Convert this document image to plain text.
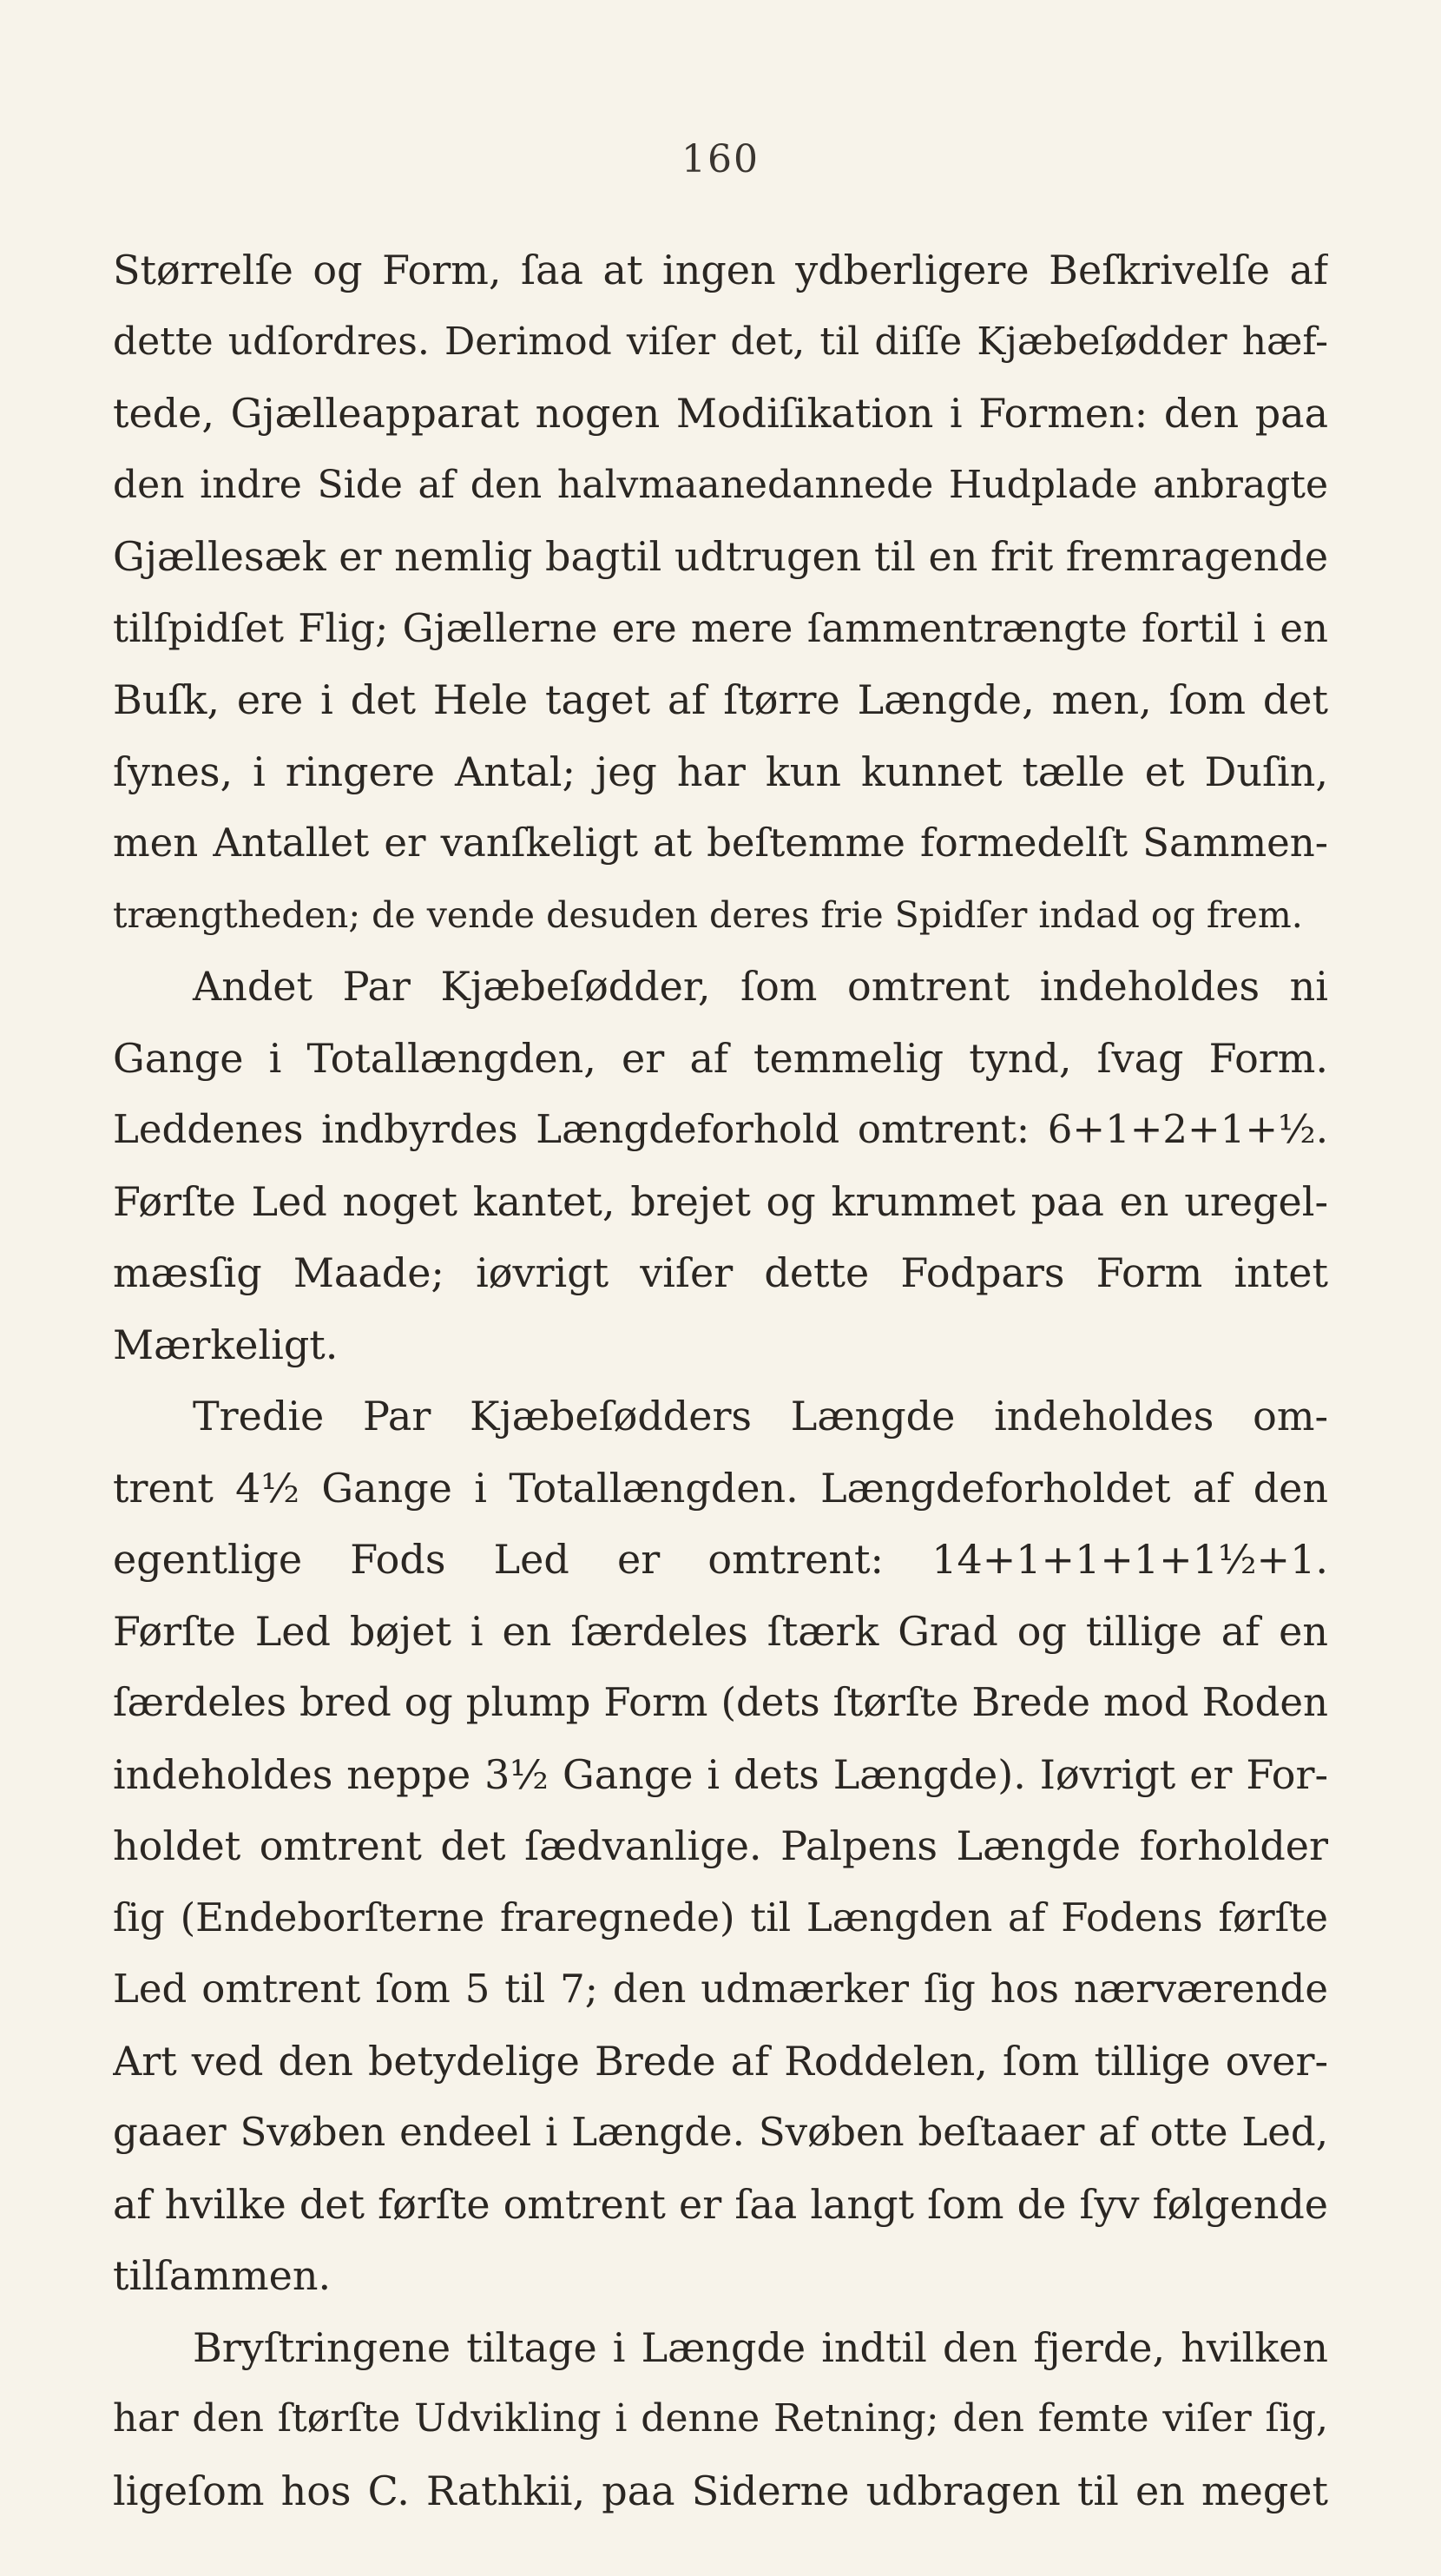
160
Størrelſe og Form, ſaa at ingen ydberligere Beſkrivelſe af
dette udſordres. Derimod viſer det, til diſſe Kjæbeſødder hæf-
tede, Gjælleapparat nogen Modiſikation i Formen: den paa
den indre Side af den halvmaanedannede Hudplade anbragte
Gjællesæk er nemlig bagtil udtrugen til en frit fremragende
tilſpidſet Flig; Gjællerne ere mere ſammentrængte fortil i en
Buſk, ere i det Hele taget af ſtørre Længde, men, ſom det
ſynes, i ringere Antal; jeg har kun kunnet tælle et Duſin,
men Antallet er vanſkeligt at beſtemme formedelſt Sammen-
trængtheden; de vende desuden deres frie Spidſer indad og frem.
Andet Par Kjæbeſødder, ſom omtrent indeholdes ni
Gange i Totallængden, er af temmelig tynd, ſvag Form.
Leddenes indbyrdes Længdeforhold omtrent: 6+1+2+1+½.
Førſte Led noget kantet, brejet og krummet paa en uregel-
mæsſig Maade; iøvrigt viſer dette Fodpars Form intet
Mærkeligt.
Tredie Par Kjæbeſødders Længde indeholdes om-
trent 4½ Gange i Totallængden. Længdeforholdet af den
egentlige Fods Led er omtrent: 14+1+1+1+1½+1.
Førſte Led bøjet i en ſærdeles ſtærk Grad og tillige af en
ſærdeles bred og plump Form (dets ſtørſte Brede mod Roden
indeholdes neppe 3½ Gange i dets Længde). Iøvrigt er For-
holdet omtrent det ſædvanlige. Palpens Længde forholder
ſig (Endeborſterne fraregnede) til Længden af Fodens førſte
Led omtrent ſom 5 til 7; den udmærker ſig hos nærværende
Art ved den betydelige Brede af Roddelen, ſom tillige over-
gaaer Svøben endeel i Længde. Svøben beſtaaer af otte Led,
af hvilke det førſte omtrent er ſaa langt ſom de ſyv følgende
tilſammen.
Bryſtringene tiltage i Længde indtil den fjerde, hvilken
har den ſtørſte Udvikling i denne Retning; den femte viſer ſig,
ligeſom hos C. Rathkii, paa Siderne udbragen til en meget
